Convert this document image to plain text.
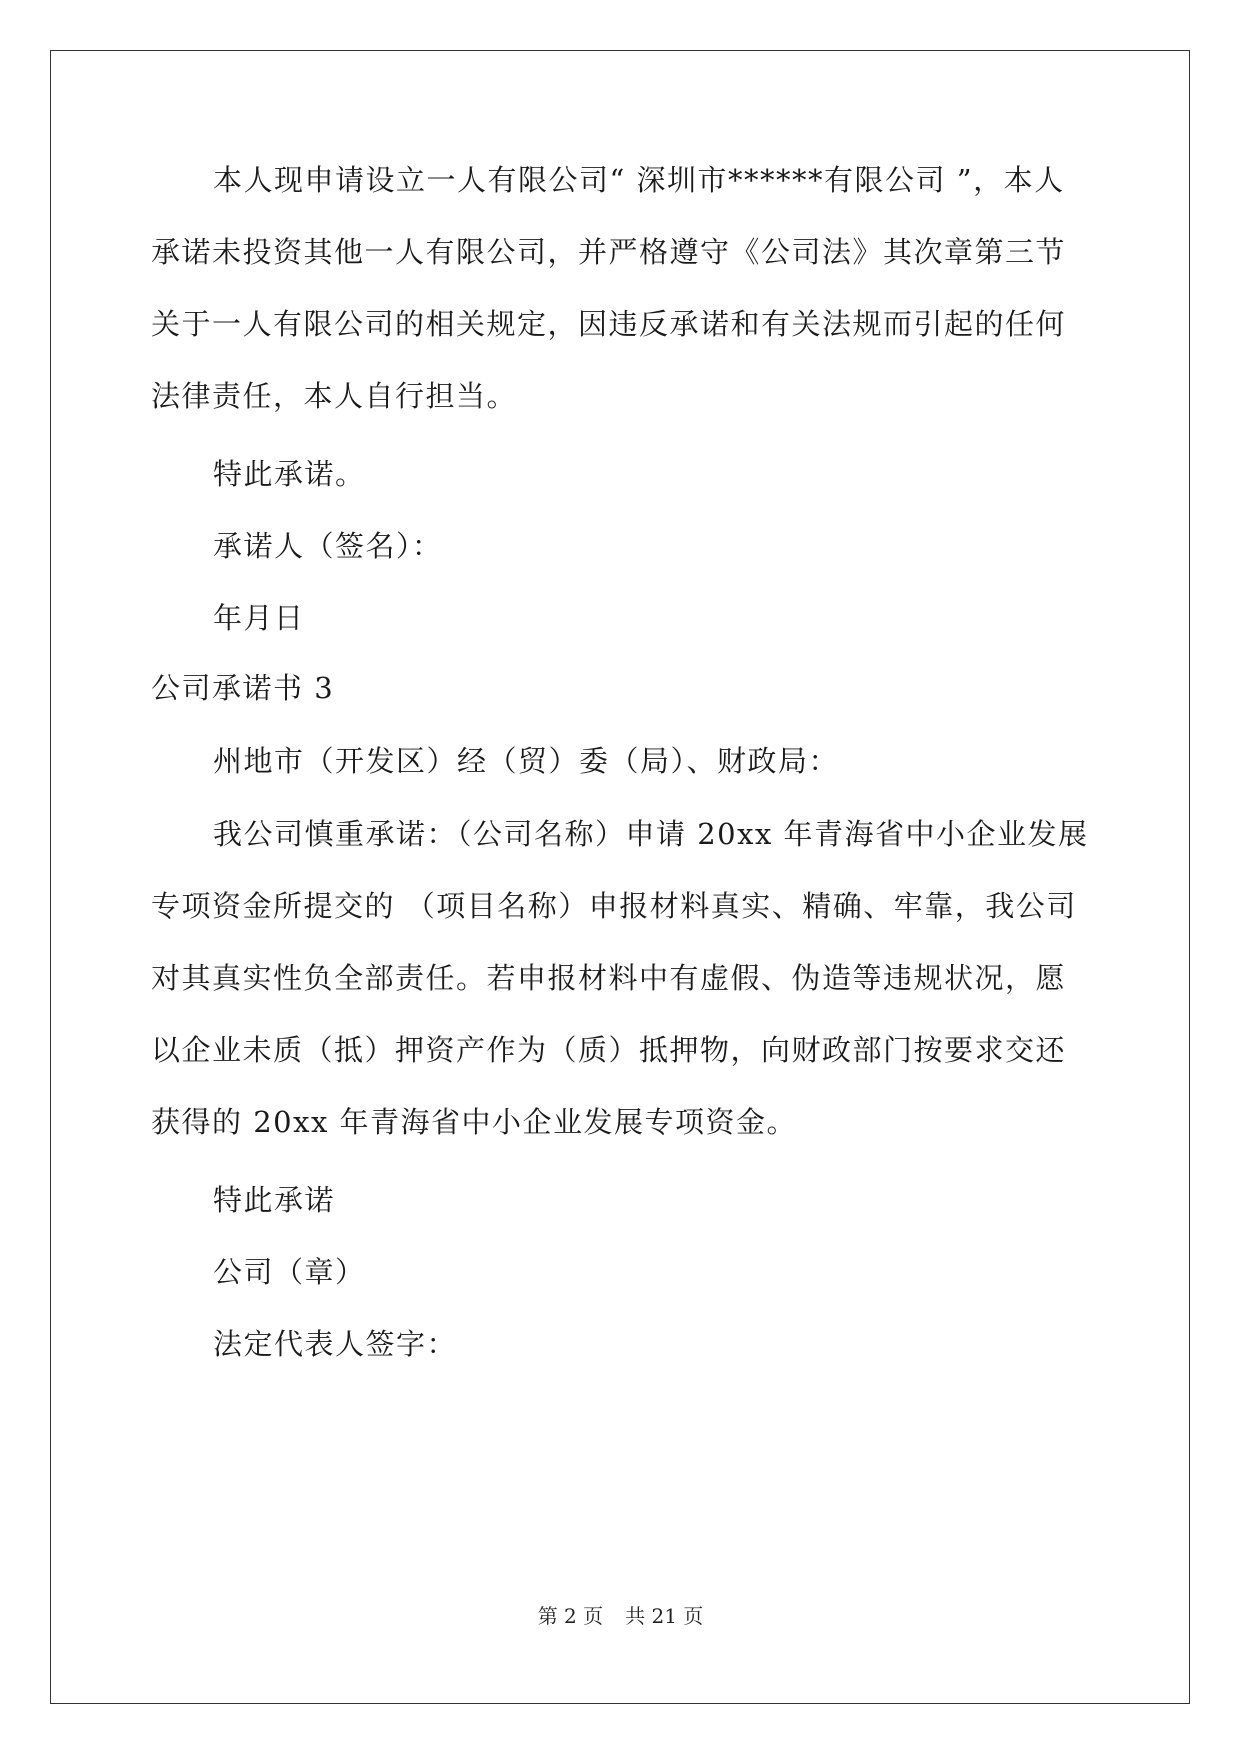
本人现申请设立一人有限公司“ 深圳市******有限公司 ”，本人
承诺未投资其他一人有限公司，并严格遵守《公司法》其次章第三节
关于一人有限公司的相关规定，因违反承诺和有关法规而引起的任何
法律责任，本人自行担当。
特此承诺。
承诺人（签名）：
年月日
公司承诺书 3
州地市（开发区）经（贸）委（局）、财政局：
我公司慎重承诺：（公司名称）申请 20xx 年青海省中小企业发展
专项资金所提交的 （项目名称）申报材料真实、精确、牢靠，我公司
对其真实性负全部责任。若申报材料中有虚假、伪造等违规状况，愿
以企业未质（抵）押资产作为（质）抵押物，向财政部门按要求交还
获得的 20xx 年青海省中小企业发展专项资金。
特此承诺
公司（章）
法定代表人签字：
第 2 页 共 21 页
